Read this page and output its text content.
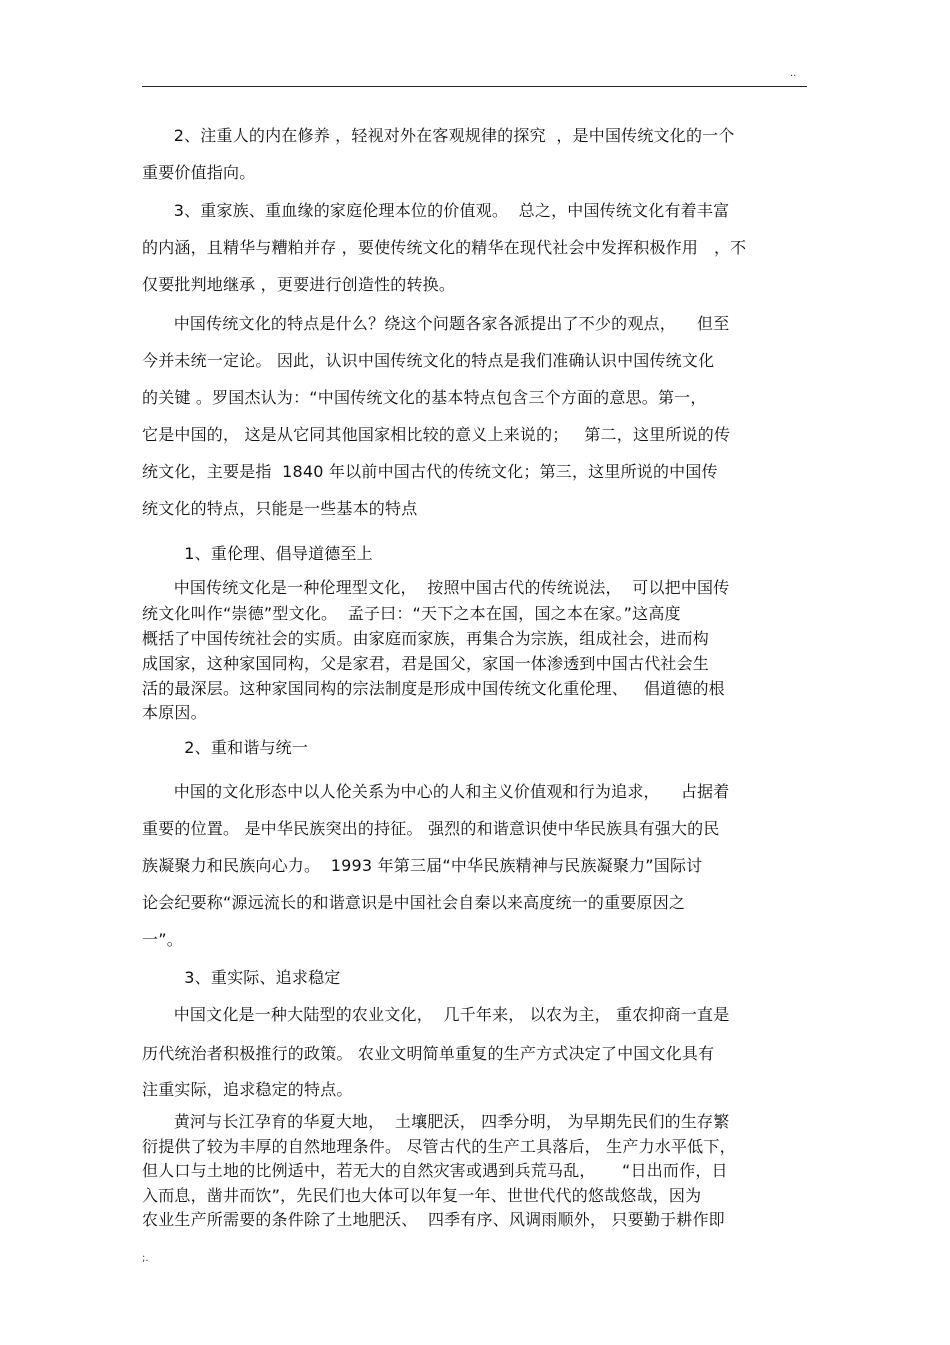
..
2、注重人的内在修养 ，轻视对外在客观规律的探究  ，是中国传统文化的一个
重要价值指向。
3、重家族、重血缘的家庭伦理本位的价值观。  总之，中国传统文化有着丰富
的内涵，且精华与糟粕并存 ，要使传统文化的精华在现代社会中发挥积极作用   ，不
仅要批判地继承 ，更要进行创造性的转换。
中国传统文化的特点是什么？绕这个问题各家各派提出了不少的观点，    但至
今并未统一定论。 因此，认识中国传统文化的特点是我们准确认识中国传统文化
的关键 。罗国杰认为：“中国传统文化的基本特点包含三个方面的意思。第一，
它是中国的， 这是从它同其他国家相比较的意义上来说的；   第二，这里所说的传
统文化，主要是指  1840 年以前中国古代的传统文化；第三，这里所说的中国传
统文化的特点，只能是一些基本的特点
1、重伦理、倡导道德至上
中国传统文化是一种伦理型文化，  按照中国古代的传统说法，  可以把中国传
统文化叫作“崇德”型文化。  孟子曰：“天下之本在国，国之本在家。”这高度
概括了中国传统社会的实质。由家庭而家族，再集合为宗族，组成社会，进而构
成国家，这种家国同构，父是家君，君是国父，家国一体渗透到中国古代社会生
活的最深层。这种家国同构的宗法制度是形成中国传统文化重伦理、   倡道德的根
本原因。
2、重和谐与统一
中国的文化形态中以人伦关系为中心的人和主义价值观和行为追求，    占据着
重要的位置。 是中华民族突出的持征。 强烈的和谐意识使中华民族具有强大的民
族凝聚力和民族向心力。  1993 年第三届“中华民族精神与民族凝聚力”国际讨
论会纪要称“源远流长的和谐意识是中国社会自秦以来高度统一的重要原因之
一”。
3、重实际、追求稳定
中国文化是一种大陆型的农业文化，  几千年来， 以农为主， 重农抑商一直是
历代统治者积极推行的政策。 农业文明简单重复的生产方式决定了中国文化具有
注重实际，追求稳定的特点。
黄河与长江孕育的华夏大地，  土壤肥沃， 四季分明， 为早期先民们的生存繁
衍提供了较为丰厚的自然地理条件。 尽管古代的生产工具落后， 生产力水平低下，
但人口与土地的比例适中，若无大的自然灾害或遇到兵荒马乱，     “日出而作，日
入而息，凿井而饮”，先民们也大体可以年复一年、世世代代的悠哉悠哉，因为
农业生产所需要的条件除了土地肥沃、  四季有序、风调雨顺外， 只要勤于耕作即
;.
